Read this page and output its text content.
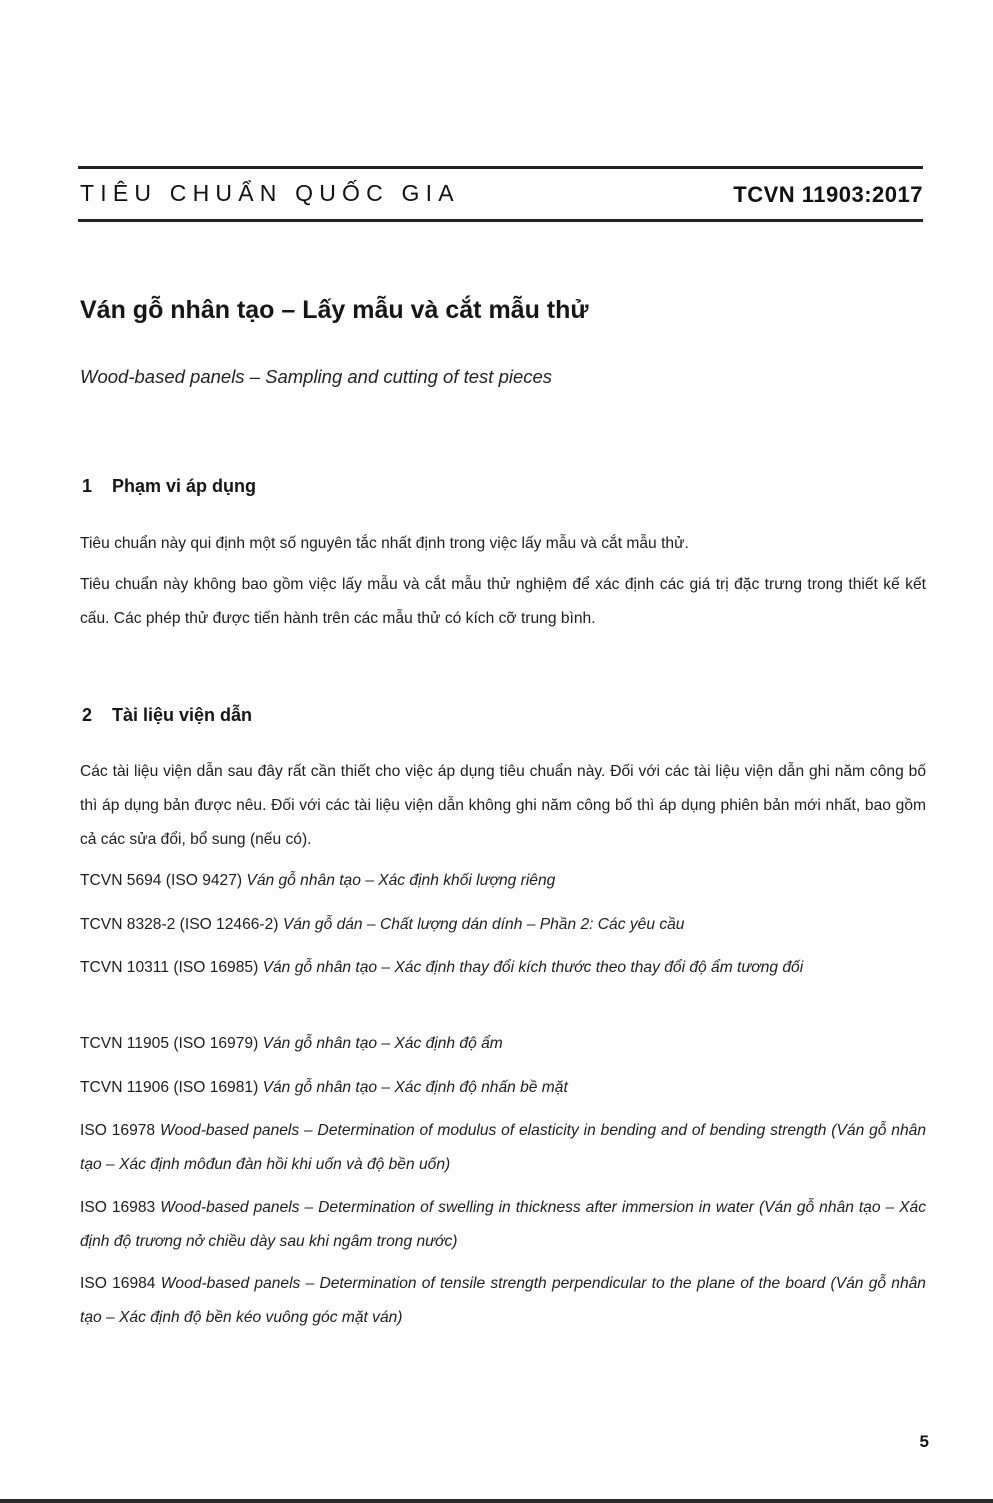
TIÊU CHUẨN QUỐC GIA	TCVN 11903:2017
Ván gỗ nhân tạo – Lấy mẫu và cắt mẫu thử
Wood-based panels – Sampling and cutting of test pieces
1 Phạm vi áp dụng
Tiêu chuẩn này qui định một số nguyên tắc nhất định trong việc lấy mẫu và cắt mẫu thử.
Tiêu chuẩn này không bao gồm việc lấy mẫu và cắt mẫu thử nghiệm để xác định các giá trị đặc trưng trong thiết kế kết cấu. Các phép thử được tiến hành trên các mẫu thử có kích cỡ trung bình.
2 Tài liệu viện dẫn
Các tài liệu viện dẫn sau đây rất cần thiết cho việc áp dụng tiêu chuẩn này. Đối với các tài liệu viện dẫn ghi năm công bố thì áp dụng bản được nêu. Đối với các tài liệu viện dẫn không ghi năm công bố thì áp dụng phiên bản mới nhất, bao gồm cả các sửa đổi, bổ sung (nếu có).
TCVN 5694 (ISO 9427) Ván gỗ nhân tạo – Xác định khối lượng riêng
TCVN 8328-2 (ISO 12466-2) Ván gỗ dán – Chất lượng dán dính – Phần 2: Các yêu cầu
TCVN 10311 (ISO 16985) Ván gỗ nhân tạo – Xác định thay đổi kích thước theo thay đổi độ ẩm tương đối
TCVN 11905 (ISO 16979) Ván gỗ nhân tạo – Xác định độ ẩm
TCVN 11906 (ISO 16981) Ván gỗ nhân tạo – Xác định độ nhấn bề mặt
ISO 16978 Wood-based panels – Determination of modulus of elasticity in bending and of bending strength (Ván gỗ nhân tạo – Xác định môđun đàn hồi khi uốn và độ bền uốn)
ISO 16983 Wood-based panels – Determination of swelling in thickness after immersion in water (Ván gỗ nhân tạo – Xác định độ trương nở chiều dày sau khi ngâm trong nước)
ISO 16984 Wood-based panels – Determination of tensile strength perpendicular to the plane of the board (Ván gỗ nhân tạo – Xác định độ bền kéo vuông góc mặt ván)
5
